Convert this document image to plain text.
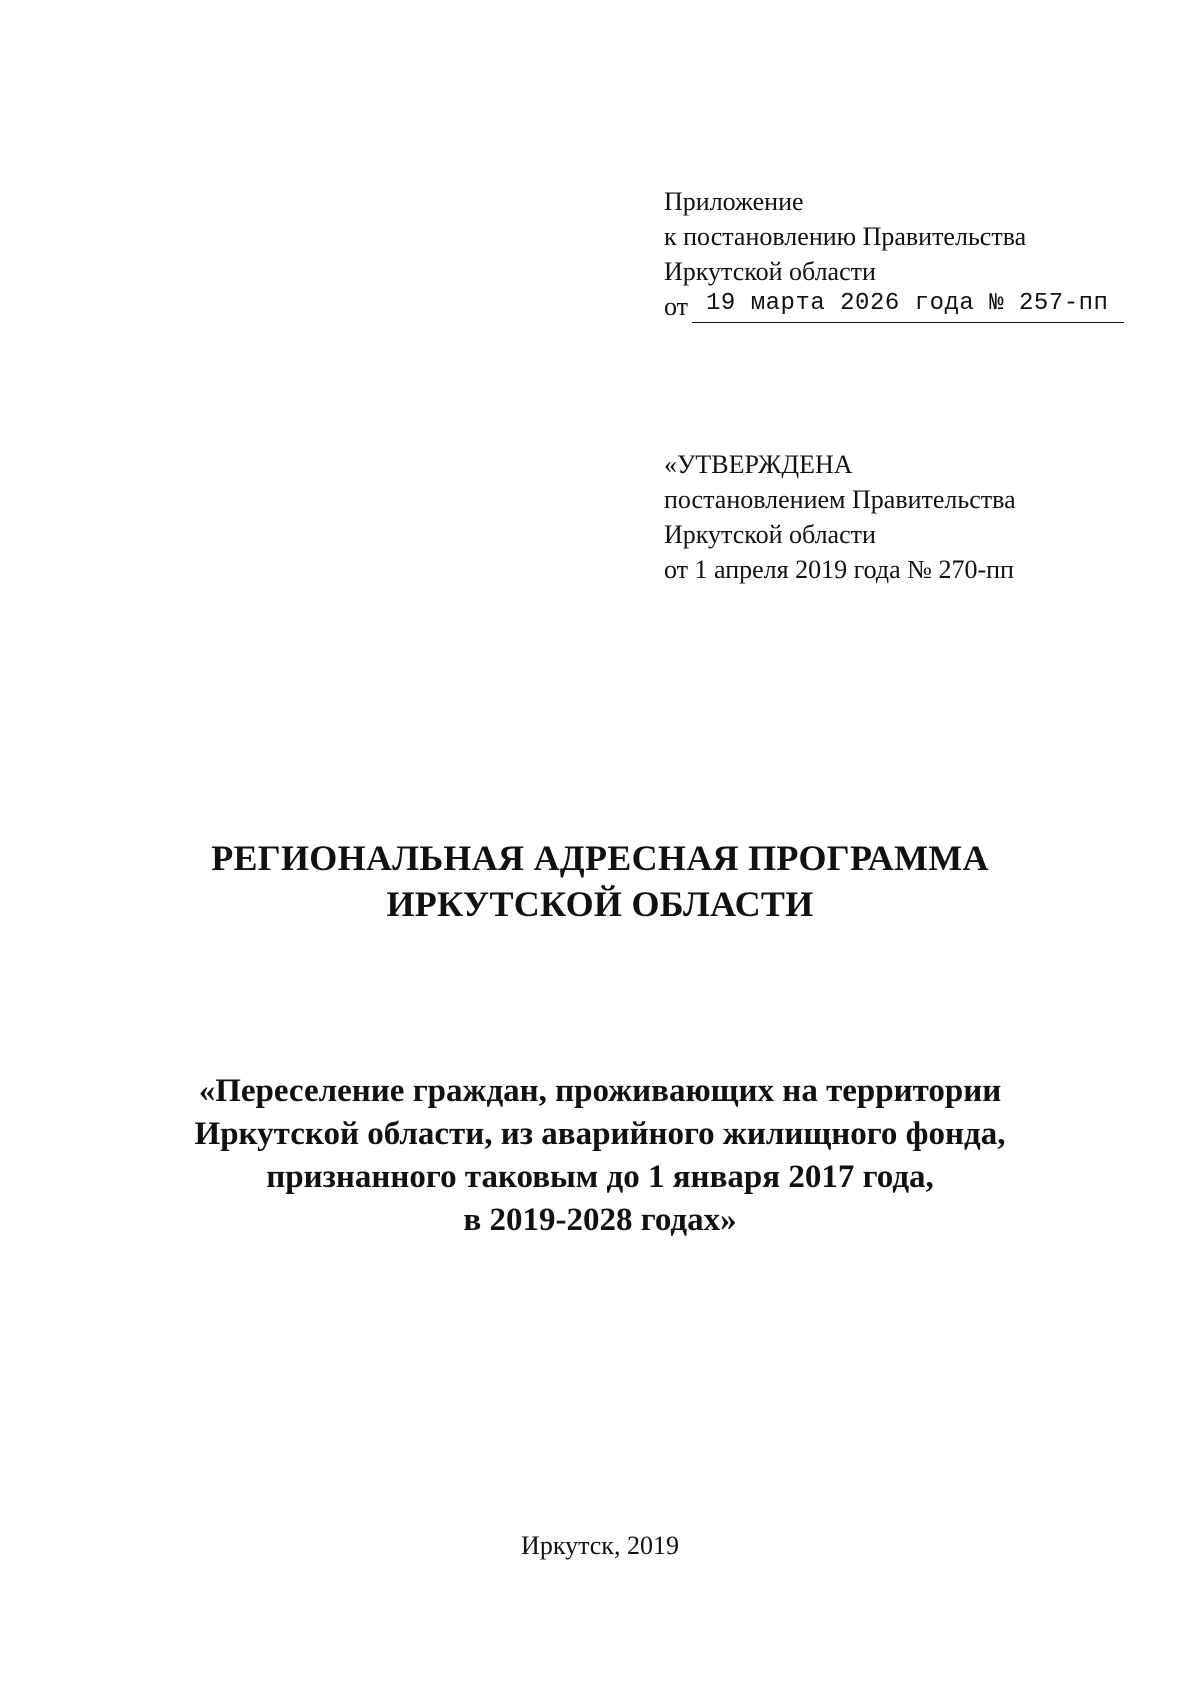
Приложение
к постановлению Правительства
Иркутской области
от 19 марта 2026 года № 257-пп
«УТВЕРЖДЕНА
постановлением Правительства
Иркутской области
от 1 апреля 2019 года № 270-пп
РЕГИОНАЛЬНАЯ АДРЕСНАЯ ПРОГРАММА
ИРКУТСКОЙ ОБЛАСТИ
«Переселение граждан, проживающих на территории
Иркутской области, из аварийного жилищного фонда,
признанного таковым до 1 января 2017 года,
в 2019-2028 годах»
Иркутск, 2019
